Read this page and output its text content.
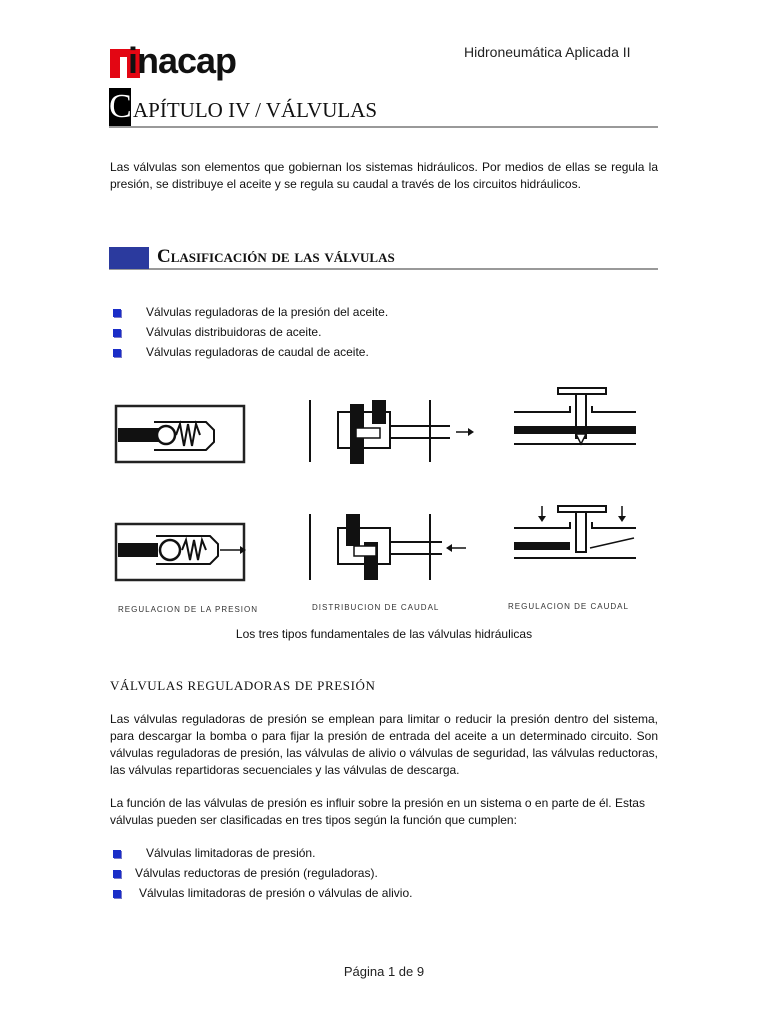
inacap	Hidroneumática Aplicada II
C APÍTULO IV / VÁLVULAS

Las válvulas son elementos que gobiernan los sistemas hidráulicos. Por medios de ellas se regula la presión, se distribuye el aceite y se regula su caudal a través de los circuitos hidráulicos.

Clasificación de las válvulas
Válvulas reguladoras de la presión del aceite.
Válvulas distribuidoras de aceite.
Válvulas reguladoras de caudal de aceite.
REGULACION DE LA PRESION	DISTRIBUCION DE CAUDAL	REGULACION DE CAUDAL
Los tres tipos fundamentales de las válvulas hidráulicas
VÁLVULAS REGULADORAS DE PRESIÓN

Las válvulas reguladoras de presión se emplean para limitar o reducir la presión dentro del sistema, para descargar la bomba o para fijar la presión de entrada del aceite a un determinado circuito. Son válvulas reguladoras de presión, las válvulas de alivio o válvulas de seguridad, las válvulas reductoras, las válvulas repartidoras secuenciales y las válvulas de descarga.

La función de las válvulas de presión es influir sobre la presión en un sistema o en parte de él. Estas válvulas pueden ser clasificadas en tres tipos según la función que cumplen:

Válvulas limitadoras de presión.
Válvulas reductoras de presión (reguladoras).
Válvulas limitadoras de presión o válvulas de alivio.
Página 1 de 9
